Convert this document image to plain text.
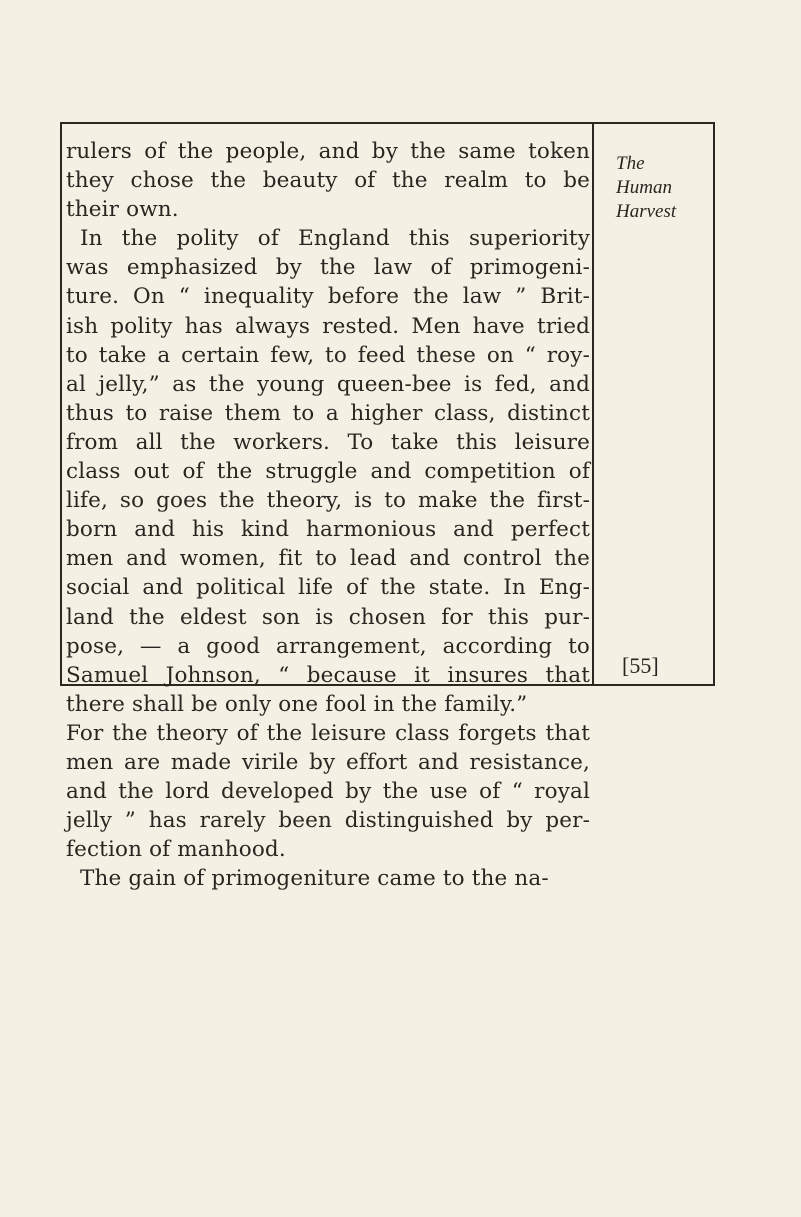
rulers of the people, and by the same token
they chose the beauty of the realm to be
their own.
In the polity of England this superiority
was emphasized by the law of primogeni-
ture. On “ inequality before the law ” Brit-
ish polity has always rested. Men have tried
to take a certain few, to feed these on “ roy-
al jelly,” as the young queen-bee is fed, and
thus to raise them to a higher class, distinct
from all the workers. To take this leisure
class out of the struggle and competition of
life, so goes the theory, is to make the first-
born and his kind harmonious and perfect
men and women, fit to lead and control the
social and political life of the state. In Eng-
land the eldest son is chosen for this pur-
pose, — a good arrangement, according to
Samuel Johnson, “ because it insures that
there shall be only one fool in the family.”
For the theory of the leisure class forgets that
men are made virile by effort and resistance,
and the lord developed by the use of “ royal
jelly ” has rarely been distinguished by per-
fection of manhood.
The gain of primogeniture came to the na-
The
Human
Harvest
[55]
